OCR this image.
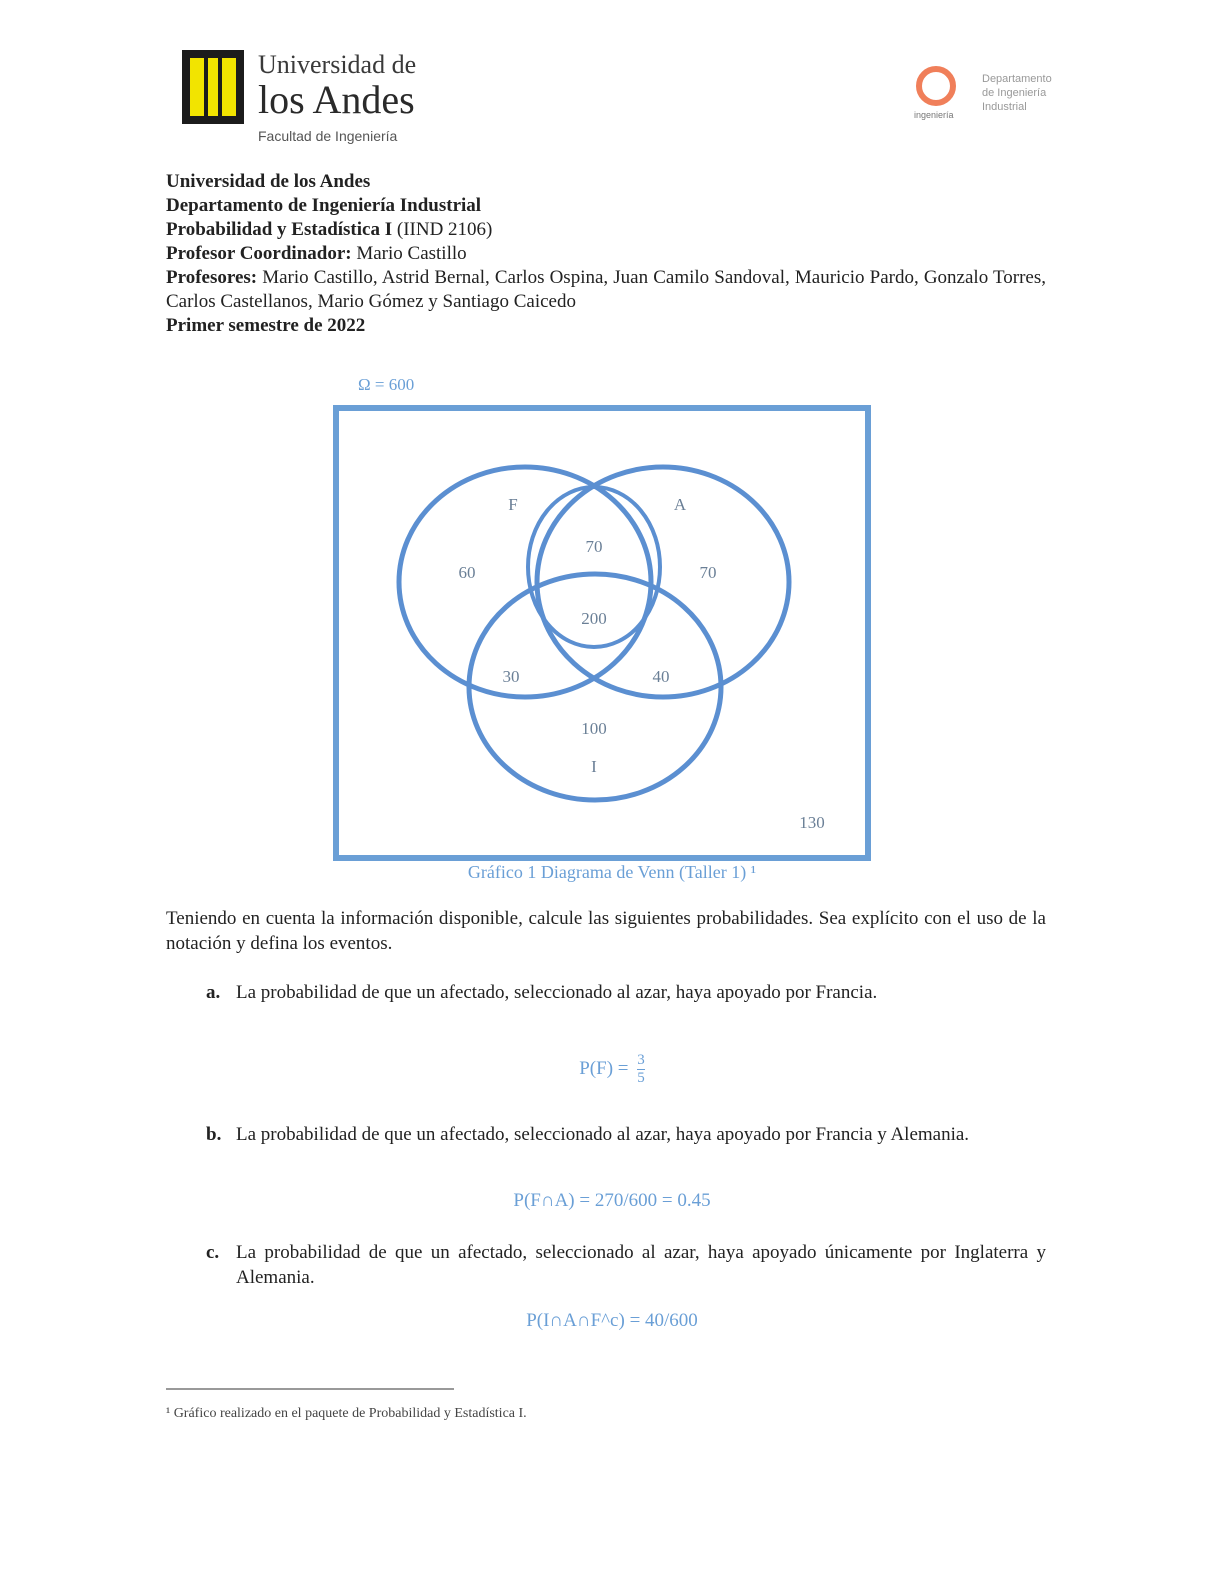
Universidad de
los Andes
Facultad de Ingeniería
ingeniería
Departamento de Ingeniería Industrial
Universidad de los Andes
Departamento de Ingeniería Industrial
Probabilidad y Estadística I (IIND 2106)
Profesor Coordinador: Mario Castillo
Profesores: Mario Castillo, Astrid Bernal, Carlos Ospina, Juan Camilo Sandoval, Mauricio Pardo, Gonzalo Torres, Carlos Castellanos, Mario Gómez y Santiago Caicedo
Primer semestre de 2022
Ω = 600
F	A
I
60	70
70
200
30	40
100
130
Gráfico 1 Diagrama de Venn (Taller 1) ¹
Teniendo en cuenta la información disponible, calcule las siguientes probabilidades. Sea explícito con el uso de la notación y defina los eventos.
a. La probabilidad de que un afectado, seleccionado al azar, haya apoyado por Francia.
$P(F) = \frac{3}{5}$
b. La probabilidad de que un afectado, seleccionado al azar, haya apoyado por Francia y Alemania.
P(F∩A) = 270/600 = 0.45
c. La probabilidad de que un afectado, seleccionado al azar, haya apoyado únicamente por Inglaterra y Alemania.
P(I∩A∩F^c) = 40/600
¹ Gráfico realizado en el paquete de Probabilidad y Estadística I.
